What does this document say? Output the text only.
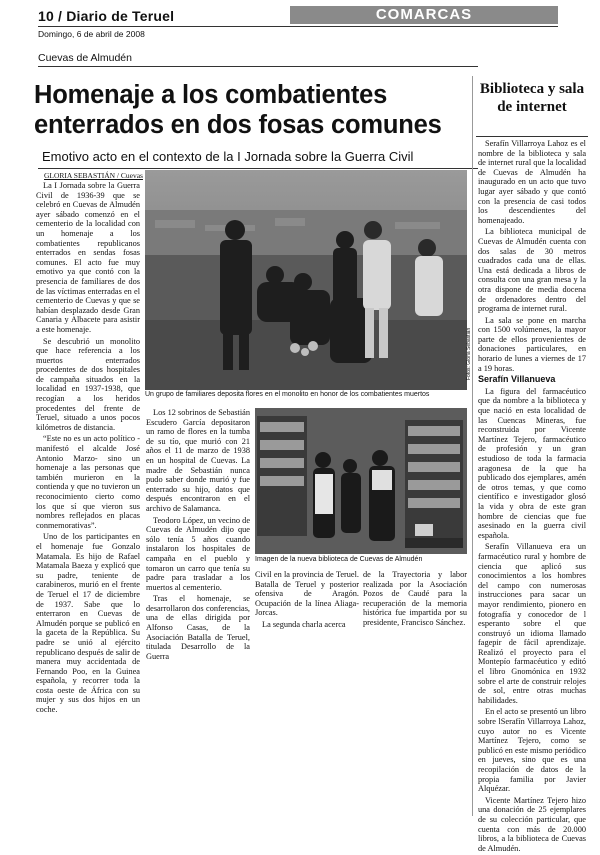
10 / Diario de Teruel	COMARCAS
Domingo, 6 de abril de 2008
Cuevas de Almudén
Homenaje a los combatientes enterrados en dos fosas comunes
Emotivo acto en el contexto de la I Jornada sobre la Guerra Civil
GLORIA SEBASTIÁN / Cuevas

La I Jornada sobre la Guerra Civil de 1936-39 que se celebró en Cuevas de Almudén ayer sábado comenzó en el cementerio de la localidad con un homenaje a los combatientes republicanos enterrados en sendas fosas comunes. El acto fue muy emotivo ya que contó con la presencia de familiares de dos de las víctimas enterradas en el cementerio de Cuevas y que se habían desplazado desde Gran Canaria y Albacete para asistir a este homenaje.

Se descubrió un monolito que hace referencia a los muertos enterrados procedentes de dos hospitales de campaña situados en la localidad en 1937-1938, que recogían a los heridos procedentes del frente de Teruel, situado a unos pocos kilómetros de distancia.

“Este no es un acto político -manifestó el alcalde José Antonio Marzo- sino un homenaje a las personas que también murieron en la contienda y que no tuvieron un reconocimiento cierto como los que sí que vieron sus nombres reflejados en placas conmemorativas”.

Uno de los participantes en el homenaje fue Gonzalo Matamala. Es hijo de Rafael Matamala Baeza y explicó que su padre, teniente de carabineros, murió en el frente de Teruel el 17 de diciembre de 1937. Sabe que lo enterraron en Cuevas de Almudén porque se publicó en la gaceta de la República. Su padre se unió al ejército republicano después de salir de manera muy accidentada de Fernando Poo, en la Guinea española, y recorrer toda la costa oeste de África con su mujer y sus dos hijos en un coche.

Fotos: Gloria Sebastián
Un grupo de familiares deposita flores en el monolito en honor de los combatientes muertos

Los 12 sobrinos de Sebastián Escudero García depositaron un ramo de flores en la tumba de su tío, que murió con 21 años el 11 de marzo de 1938 en un hospital de Cuevas. La madre de Sebastián nunca pudo saber donde murió y fue enterrado su hijo, datos que después encontraron en el archivo de Salamanca.

Teodoro López, un vecino de Cuevas de Almudén dijo que sólo tenía 5 años cuando instalaron los hospitales de campaña en el pueblo y tomaron un carro que tenía su padre para trasladar a los muertos al cementerio.

Tras el homenaje, se desarrollaron dos conferencias, una de ellas dirigida por Alfonso Casas, de la Asociación Batalla de Teruel, titulada Desarrollo de la Guerra

Imagen de la nueva biblioteca de Cuevas de Almudén

Civil en la provincia de Teruel. Batalla de Teruel y posterior ofensiva de Aragón. Ocupación de la línea Aliaga-Jorcas.

La segunda charla acerca

de la Trayectoria y labor realizada por la Asociación Pozos de Caudé para la recuperación de la memoria histórica fue impartida por su presidente, Francisco Sánchez.

Biblioteca y sala de internet

Serafín Villarroya Lahoz es el nombre de la biblioteca y sala de internet rural que la localidad de Cuevas de Almudén ha inaugurado en un acto que tuvo lugar ayer sábado y que contó con la presencia de casi todos los descendientes del homenajeado.

La biblioteca municipal de Cuevas de Almudén cuenta con dos salas de 30 metros cuadrados cada una de ellas. Una está dedicada a libros de consulta con una gran mesa y la otra dispone de media docena de ordenadores dentro del programa de internet rural.

La sala se pone en marcha con 1500 volúmenes, la mayor parte de ellos provenientes de donaciones particulares, en horario de lunes a viernes de 17 a 19 horas.

Serafín Villanueva

La figura del farmacéutico que da nombre a la biblioteca y que nació en esta localidad de las Cuencas Mineras, fue reconstruida por Vicente Martínez Tejero, farmacéutico de profesión y un gran estudioso de toda la farmacia aragonesa de la que ha publicado dos ejemplares, amén de otros temas, y que como científico e investigador glosó la vida y obra de este gran hombre de ciencias que fue asesinado en la guerra civil española.

Serafín Villanueva era un farmacéutico rural y hombre de ciencia que aplicó sus conocimientos a los hombres del campo con numerosas instrucciones para sacar un mayor rendimiento, pionero en fotografía y conocedor de l esperanto sobre el que construyó un idioma llamado fagepir de fácil aprendizaje. Realizó el proyecto para el Montepío farmacéutico y editó el libro Gnomónica en 1932 sobre el arte de construir relojes de sol, entre otras muchas habilidades.

En el acto se presentó un libro sobre lSerafín Villarroya Lahoz, cuyo autor no es Vicente Martínez Tejero, como se publicó en este mismo periódico en jueves, sino que es una recopilación de datos de la propia familia por Javier Alquézar.

Vicente Martínez Tejero hizo una donación de 25 ejemplares de su colección particular, que cuenta con más de 20.000 libros, a la biblioteca de Cuevas de Almudén.
